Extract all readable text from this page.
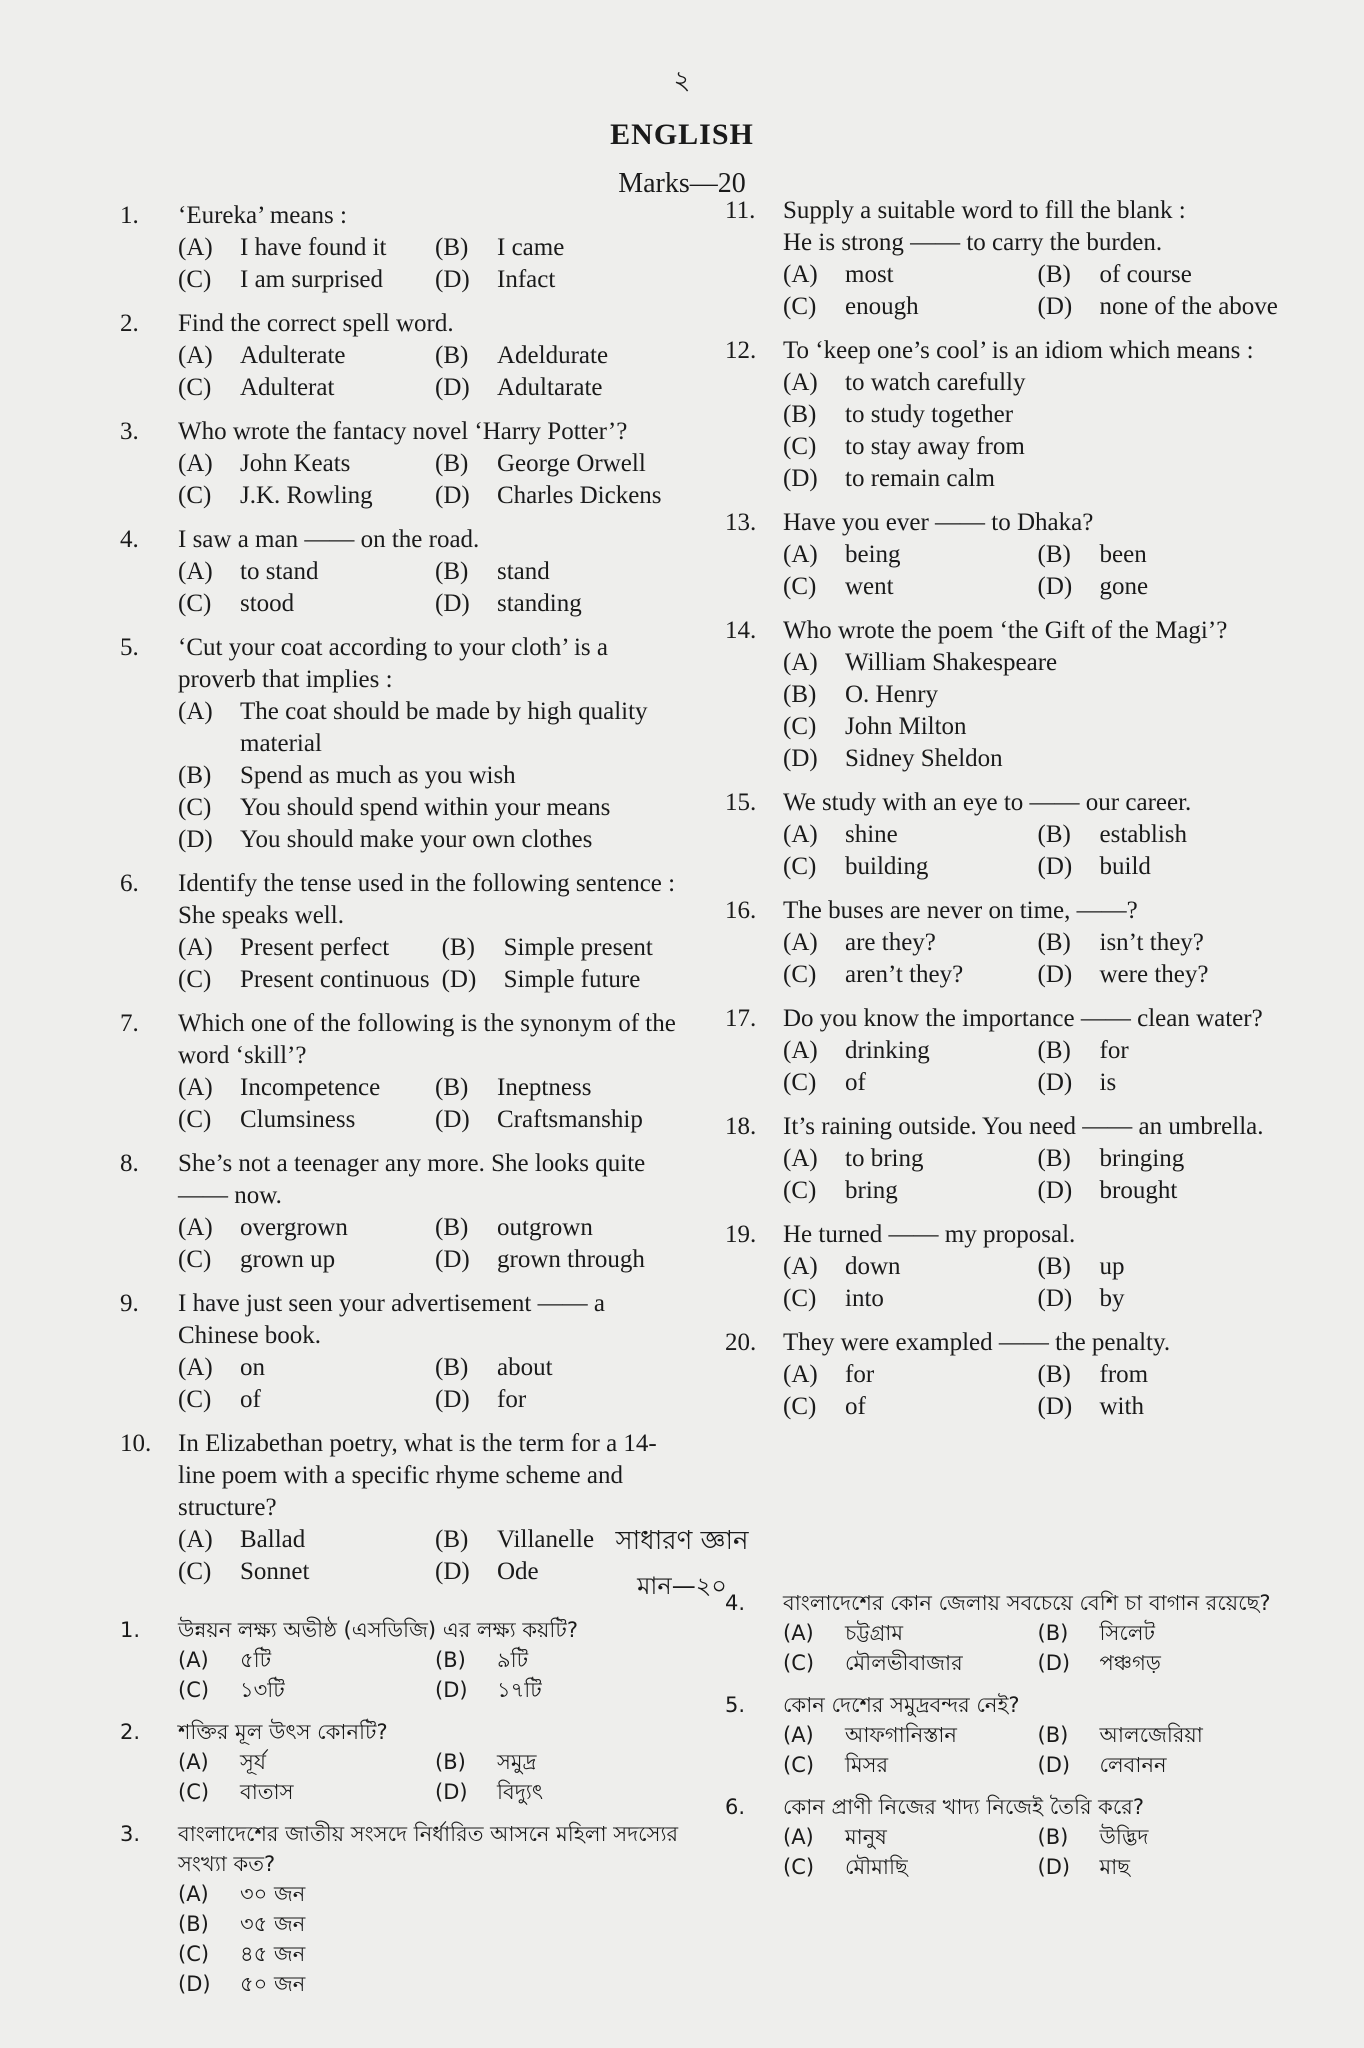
২
ENGLISH
Marks—20
1.	‘Eureka’ means :
(A)	I have found it (B)	I came
(C)	I am surprised (D)	Infact
2.	Find the correct spell word.
(A)	Adulterate	(B)	Adeldurate
(C)	Adulterat	(D)	Adultarate
3.	Who wrote the fantacy novel ‘Harry Potter’?
(A)	John Keats	(B)	George Orwell
(C)	J.K. Rowling (D)	Charles Dickens
4.	I saw a man —— on the road.
(A)	to stand	(B)	stand
(C)	stood	(D)	standing
5.	‘Cut your coat according to your cloth’ is a proverb that implies :
(A)	The coat should be made by high quality material
(B)	Spend as much as you wish
(C)	You should spend within your means
(D)	You should make your own clothes
6.	Identify the tense used in the following sentence :
She speaks well.
(A)	Present perfect (B)	Simple present
(C)	Present continuous (D)	Simple future
7.	Which one of the following is the synonym of the word ‘skill’?
(A)	Incompetence (B)	Ineptness
(C)	Clumsiness	(D)	Craftsmanship
8.	She’s not a teenager any more. She looks quite —— now.
(A)	overgrown	(B)	outgrown
(C)	grown up	(D)	grown through
9.	I have just seen your advertisement —— a Chinese book.
(A)	on	(B)	about
(C)	of	(D)	for
10.	In Elizabethan poetry, what is the term for a 14-line poem with a specific rhyme scheme and structure?
(A)	Ballad	(B)	Villanelle
(C)	Sonnet	(D)	Ode
11.	Supply a suitable word to fill the blank :
He is strong —— to carry the burden.
(A)	most	(B)	of course
(C)	enough	(D)	none of the above
12.	To ‘keep one’s cool’ is an idiom which means :
(A)	to watch carefully
(B)	to study together
(C)	to stay away from
(D)	to remain calm
13.	Have you ever —— to Dhaka?
(A)	being	(B)	been
(C)	went	(D)	gone
14.	Who wrote the poem ‘the Gift of the Magi’?
(A)	William Shakespeare
(B)	O. Henry
(C)	John Milton
(D)	Sidney Sheldon
15.	We study with an eye to —— our career.
(A)	shine	(B)	establish
(C)	building	(D)	build
16.	The buses are never on time, ——?
(A)	are they?	(B)	isn’t they?
(C)	aren’t they?	(D)	were they?
17.	Do you know the importance —— clean water?
(A)	drinking	(B)	for
(C)	of	(D)	is
18.	It’s raining outside. You need —— an umbrella.
(A)	to bring	(B)	bringing
(C)	bring	(D)	brought
19.	He turned —— my proposal.
(A)	down	(B)	up
(C)	into	(D)	by
20.	They were exampled —— the penalty.
(A)	for	(B)	from
(C)	of	(D)	with
সাধারণ জ্ঞান
মান—২০
1.	উন্নয়ন লক্ষ্য অভীষ্ঠ (এসডিজি) এর লক্ষ্য কয়টি?
(A)	৫টি	(B)	৯টি
(C)	১৩টি	(D)	১৭টি
2.	শক্তির মূল উৎস কোনটি?
(A)	সূর্য	(B)	সমুদ্র
(C)	বাতাস	(D)	বিদ্যুৎ
3.	বাংলাদেশের জাতীয় সংসদে নির্ধারিত আসনে মহিলা সদস্যের সংখ্যা কত?
(A)	৩০ জন
(B)	৩৫ জন
(C)	৪৫ জন
(D)	৫০ জন
4.	বাংলাদেশের কোন জেলায় সবচেয়ে বেশি চা বাগান রয়েছে?
(A)	চট্টগ্রাম	(B)	সিলেট
(C)	মৌলভীবাজার	(D)	পঞ্চগড়
5.	কোন দেশের সমুদ্রবন্দর নেই?
(A)	আফগানিস্তান	(B)	আলজেরিয়া
(C)	মিসর	(D)	লেবানন
6.	কোন প্রাণী নিজের খাদ্য নিজেই তৈরি করে?
(A)	মানুষ	(B)	উদ্ভিদ
(C)	মৌমাছি	(D)	মাছ
